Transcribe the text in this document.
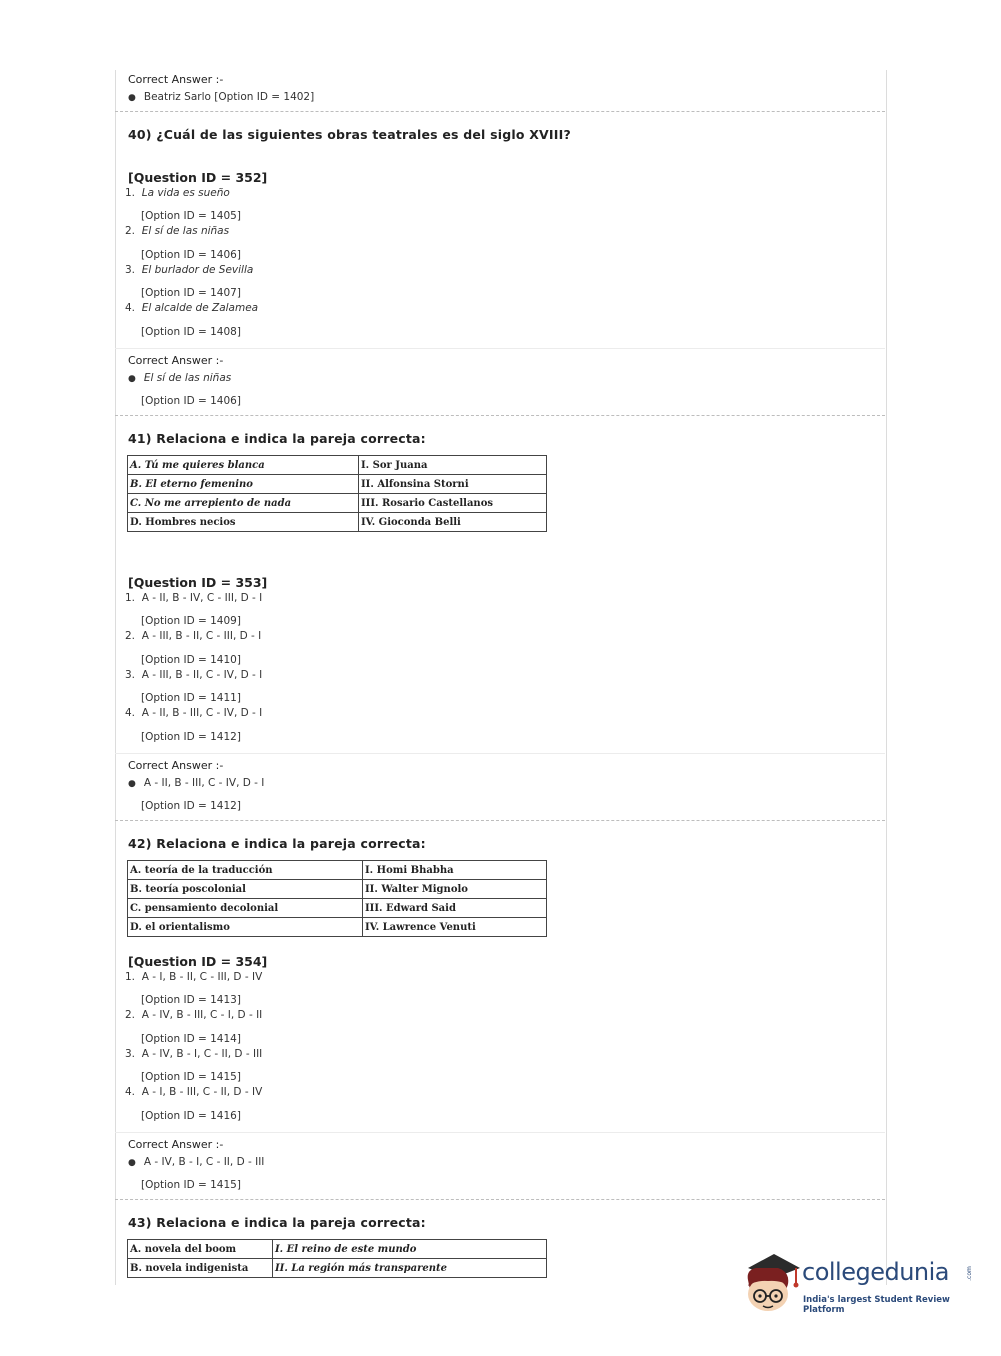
Correct Answer :-
● Beatriz Sarlo [Option ID = 1402]
40) ¿Cuál de las siguientes obras teatrales es del siglo XVIII?
[Question ID = 352]
1. La vida es sueño
[Option ID = 1405]
2. El sí de las niñas
[Option ID = 1406]
3. El burlador de Sevilla
[Option ID = 1407]
4. El alcalde de Zalamea
[Option ID = 1408]
Correct Answer :-
● El sí de las niñas
[Option ID = 1406]
41) Relaciona e indica la pareja correcta:
A. Tú me quieres blanca	I. Sor Juana
B. El eterno femenino	II. Alfonsina Storni
C. No me arrepiento de nada	III. Rosario Castellanos
D. Hombres necios	IV. Gioconda Belli
[Question ID = 353]
1. A - II, B - IV, C - III, D - I
[Option ID = 1409]
2. A - III, B - II, C - III, D - I
[Option ID = 1410]
3. A - III, B - II, C - IV, D - I
[Option ID = 1411]
4. A - II, B - III, C - IV, D - I
[Option ID = 1412]
Correct Answer :-
● A - II, B - III, C - IV, D - I
[Option ID = 1412]
42) Relaciona e indica la pareja correcta:
A. teoría de la traducción	I. Homi Bhabha
B. teoría poscolonial	II. Walter Mignolo
C. pensamiento decolonial	III. Edward Said
D. el orientalismo	IV. Lawrence Venuti
[Question ID = 354]
1. A - I, B - II, C - III, D - IV
[Option ID = 1413]
2. A - IV, B - III, C - I, D - II
[Option ID = 1414]
3. A - IV, B - I, C - II, D - III
[Option ID = 1415]
4. A - I, B - III, C - II, D - IV
[Option ID = 1416]
Correct Answer :-
● A - IV, B - I, C - II, D - III
[Option ID = 1415]
43) Relaciona e indica la pareja correcta:
A. novela del boom	I. El reino de este mundo
B. novela indigenista	II. La región más transparente	collegedunia	.com
India's largest Student Review Platform
